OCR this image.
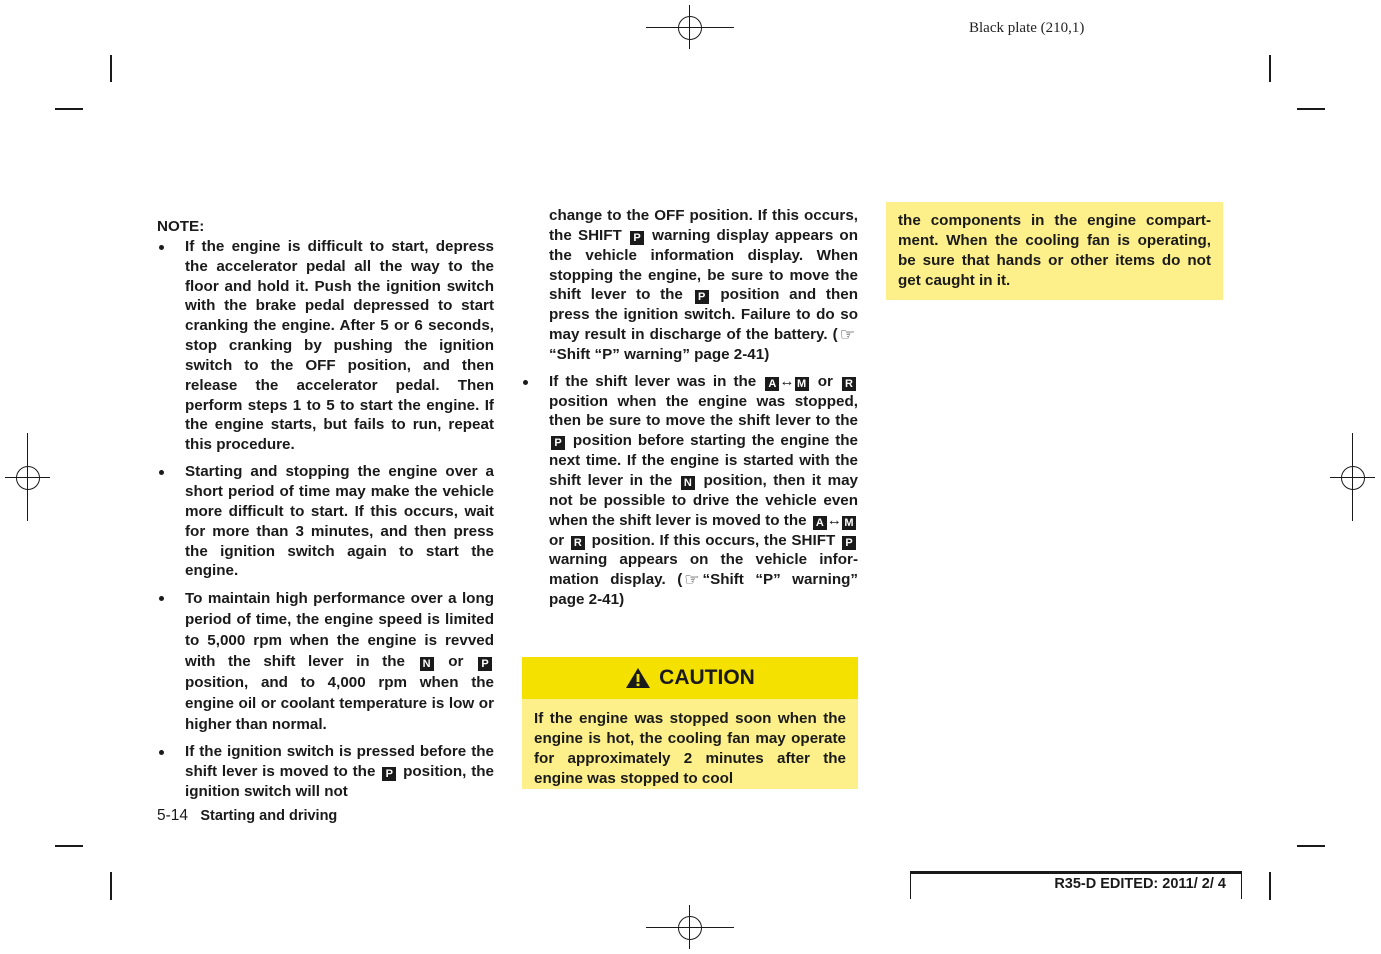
Black plate (210,1)

NOTE:

If the engine is difficult to start, depress the accelerator pedal all the way to the floor and hold it. Push the ignition switch with the brake pedal depressed to start cranking the engine. After 5 or 6 seconds, stop cranking by pushing the ignition switch to the OFF position, and then release the accelerator pedal. Then perform steps 1 to 5 to start the engine. If the engine starts, but fails to run, repeat this procedure.
Starting and stopping the engine over a short period of time may make the vehicle more difficult to start. If this occurs, wait for more than 3 minutes, and then press the ignition switch again to start the engine.
To maintain high performance over a long period of time, the engine speed is limited to 5,000 rpm when the engine is revved with the shift lever in the N or P position, and to 4,000 rpm when the engine oil or coolant temperature is low or higher than normal.
If the ignition switch is pressed before the shift lever is moved to the P position, the ignition switch will not

change to the OFF position. If this occurs, the SHIFT P warning display appears on the vehicle information display. When stopping the engine, be sure to move the shift lever to the P position and then press the ignition switch. Failure to do so may result in discharge of the battery. ( ☞“Shift “P” warning” page 2-41)

If the shift lever was in the A ↔ M or R position when the engine was stopped, then be sure to move the shift lever to the P position before starting the engine the next time. If the engine is started with the shift lever in the N position, then it may not be possible to drive the vehicle even when the shift lever is moved to the A ↔ M or R position. If this occurs, the SHIFT P warning appears on the vehicle information display. ( ☞ “Shift “P” warning” page 2-41)
CAUTION
If the engine was stopped soon when the engine is hot, the cooling fan may operate for approximately 2 minutes after the engine was stopped to cool
the components in the engine compartment. When the cooling fan is operating, be sure that hands or other items do not get caught in it.
5-14 Starting and driving
R35-D EDITED: 2011/ 2/ 4
